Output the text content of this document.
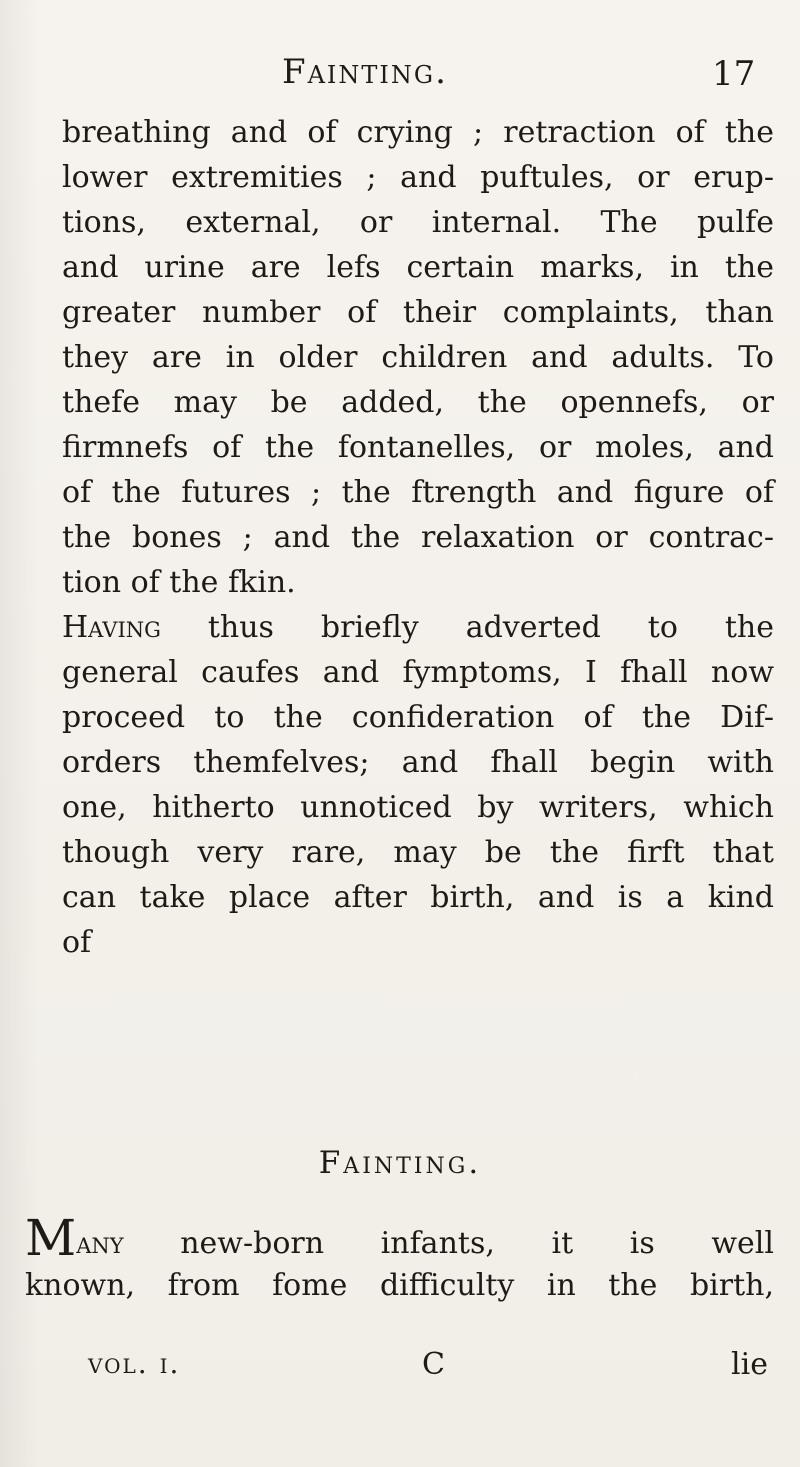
Fainting.	17
breathing and of crying ; retraction of the
lower extremities ; and puftules, or erup-
tions, external, or internal. The pulfe
and urine are lefs certain marks, in the
greater number of their complaints, than
they are in older children and adults. To
thefe may be added, the opennefs, or
firmnefs of the fontanelles, or moles, and
of the futures ; the ftrength and figure of
the bones ; and the relaxation or contrac-
tion of the fkin.
Having thus briefly adverted to the
general caufes and fymptoms, I fhall now
proceed to the confideration of the Dif-
orders themfelves; and fhall begin with
one, hitherto unnoticed by writers, which
though very rare, may be the firft that
can take place after birth, and is a kind
of
Fainting.
Many new-born infants, it is well
known, from fome difficulty in the birth,
vol. i.	C	lie
